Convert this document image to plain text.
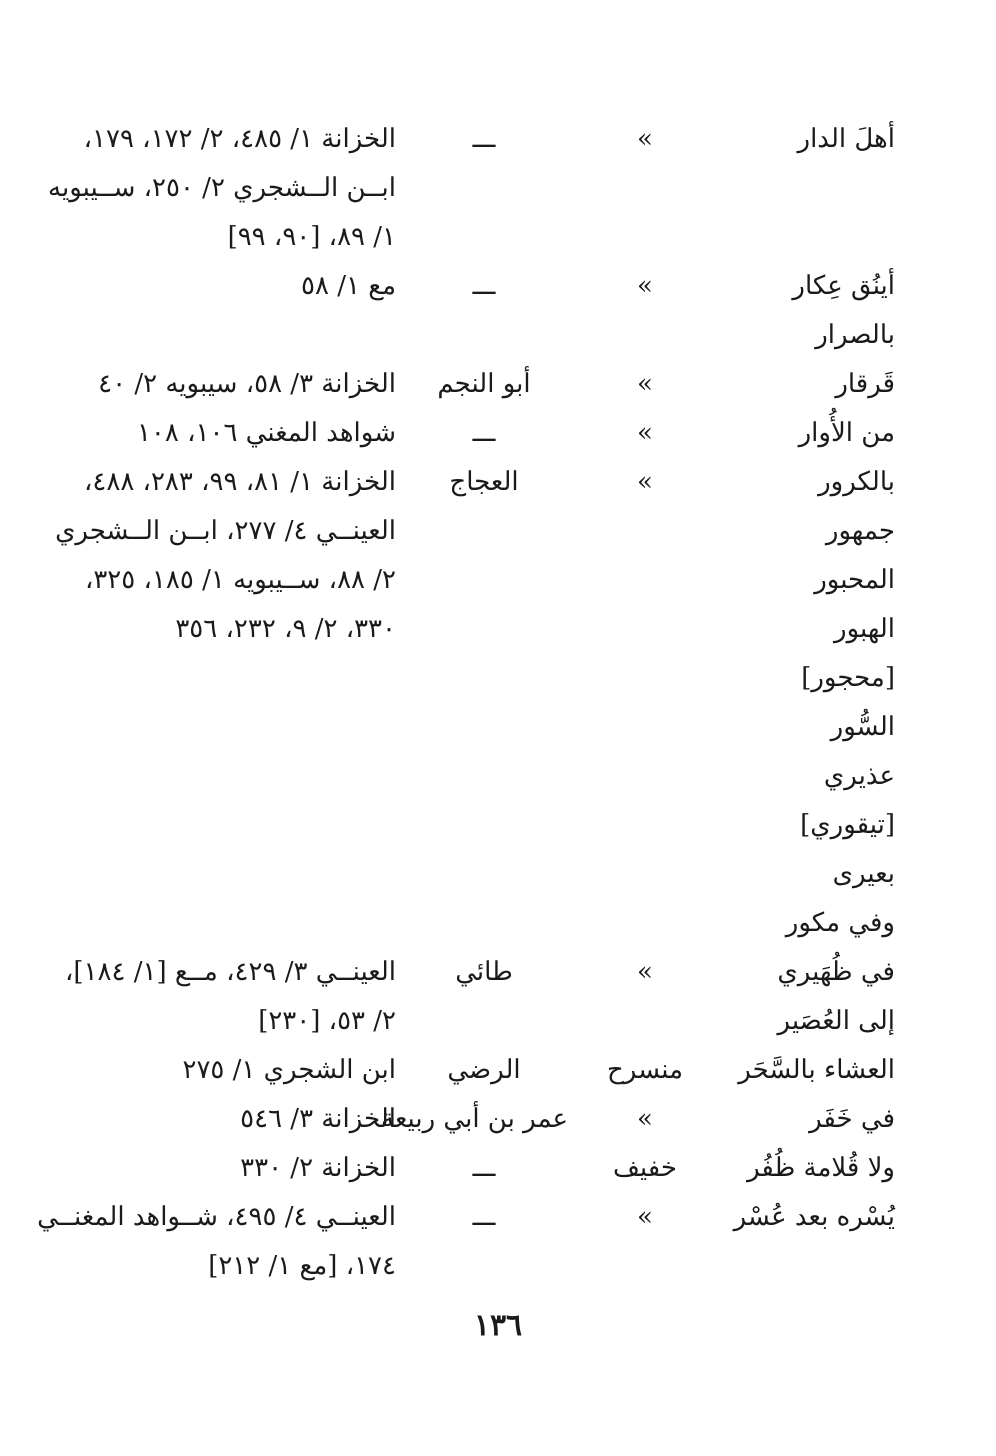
أهلَ الدار
»
ـــ
الخزانة ١/ ٤٨٥، ٢/ ١٧٢، ١٧٩،
ابــن الــشجري ٢/ ٢٥٠، ســيبويه
١/ ٨٩، [٩٠، ٩٩]
أينُق عِكار
»
ـــ
مع ١/ ٥٨
بالصرار
قَرقار
»
أبو النجم
الخزانة ٣/ ٥٨، سيبويه ٢/ ٤٠
من الأُوار
»
ـــ
شواهد المغني ١٠٦، ١٠٨
بالكرور
»
العجاج
الخزانة ١/ ٨١، ٩٩، ٢٨٣، ٤٨٨،
جمهور
العينــي ٤/ ٢٧٧، ابــن الــشجري
المحبور
٢/ ٨٨، ســيبويه ١/ ١٨٥، ٣٢٥،
الهبور
٣٣٠، ٢/ ٩، ٢٣٢، ٣٥٦
[محجور]
السُّور
عذيري
[تيقوري]
بعيرى
وفي مكور
في ظُهَيري
»
طائي
العينــي ٣/ ٤٢٩، مــع [١/ ١٨٤]،
إلى العُصَير
٢/ ٥٣، [٢٣٠]
العشاء بالسَّحَر
منسرح
الرضي
ابن الشجري ١/ ٢٧٥
في خَفَر
»
عمر بن أبي ربيعة
الخزانة ٣/ ٥٤٦
ولا قُلامة ظُفُر
خفيف
ـــ
الخزانة ٢/ ٣٣٠
يُسْره بعد عُسْر
»
ـــ
العينــي ٤/ ٤٩٥، شــواهد المغنــي
١٧٤، [مع ١/ ٢١٢]
١٣٦
